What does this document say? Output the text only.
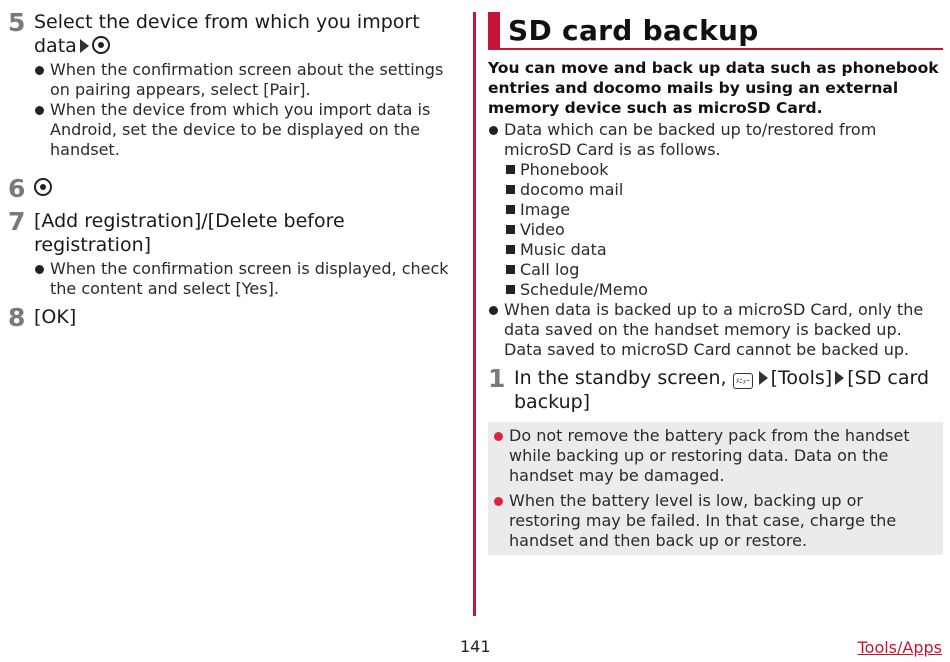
5 Select the device from which you import data
When the confirmation screen about the settings on pairing appears, select [Pair].
When the device from which you import data is Android, set the device to be displayed on the handset.
6
7 [Add registration]/[Delete before registration]
When the confirmation screen is displayed, check the content and select [Yes].
8 [OK]
SD card backup

You can move and back up data such as phonebook entries and docomo mails by using an external memory device such as microSD Card.

Data which can be backed up to/restored from microSD Card is as follows.
Phonebook
docomo mail
Image
Video
Music data
Call log
Schedule/Memo
When data is backed up to a microSD Card, only the data saved on the handset memory is backed up. Data saved to microSD Card cannot be backed up.
1 In the standby screen, ﾒﾆｭｰ [Tools] [SD card backup]
Do not remove the battery pack from the handset while backing up or restoring data. Data on the handset may be damaged.
When the battery level is low, backing up or restoring may be failed. In that case, charge the handset and then back up or restore.
141	Tools/Apps
